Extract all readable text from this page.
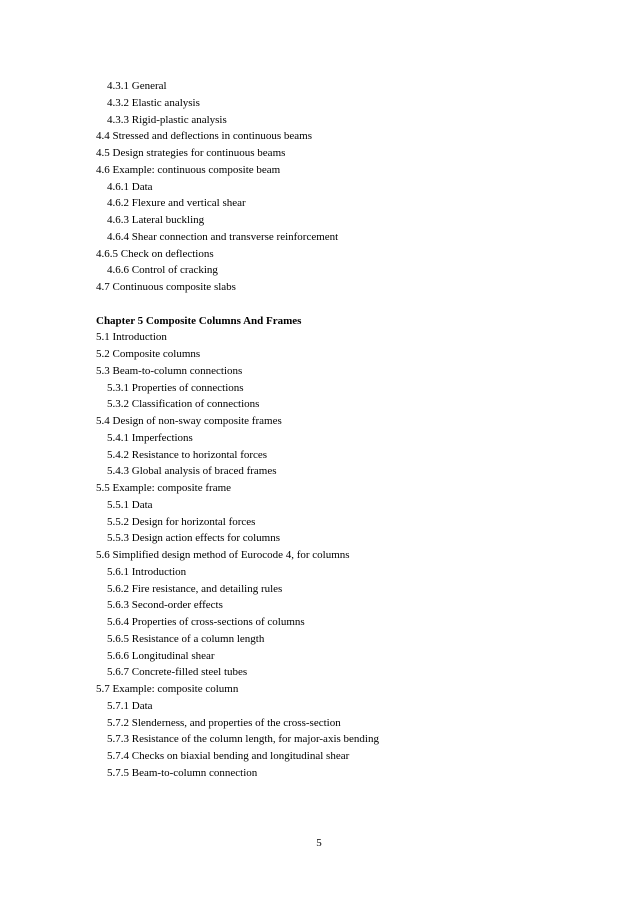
4.3.1 General
4.3.2 Elastic analysis
4.3.3 Rigid-plastic analysis
4.4 Stressed and deflections in continuous beams
4.5 Design strategies for continuous beams
4.6 Example: continuous composite beam
4.6.1 Data
4.6.2 Flexure and vertical shear
4.6.3 Lateral buckling
4.6.4 Shear connection and transverse reinforcement
4.6.5 Check on deflections
4.6.6 Control of cracking
4.7 Continuous composite slabs
Chapter 5 Composite Columns And Frames
5.1 Introduction
5.2 Composite columns
5.3 Beam-to-column connections
5.3.1 Properties of connections
5.3.2 Classification of connections
5.4 Design of non-sway composite frames
5.4.1 Imperfections
5.4.2 Resistance to horizontal forces
5.4.3 Global analysis of braced frames
5.5 Example: composite frame
5.5.1 Data
5.5.2 Design for horizontal forces
5.5.3 Design action effects for columns
5.6 Simplified design method of Eurocode 4, for columns
5.6.1 Introduction
5.6.2 Fire resistance, and detailing rules
5.6.3 Second-order effects
5.6.4 Properties of cross-sections of columns
5.6.5 Resistance of a column length
5.6.6 Longitudinal shear
5.6.7 Concrete-filled steel tubes
5.7 Example: composite column
5.7.1 Data
5.7.2 Slenderness, and properties of the cross-section
5.7.3 Resistance of the column length, for major-axis bending
5.7.4 Checks on biaxial bending and longitudinal shear
5.7.5 Beam-to-column connection
5
